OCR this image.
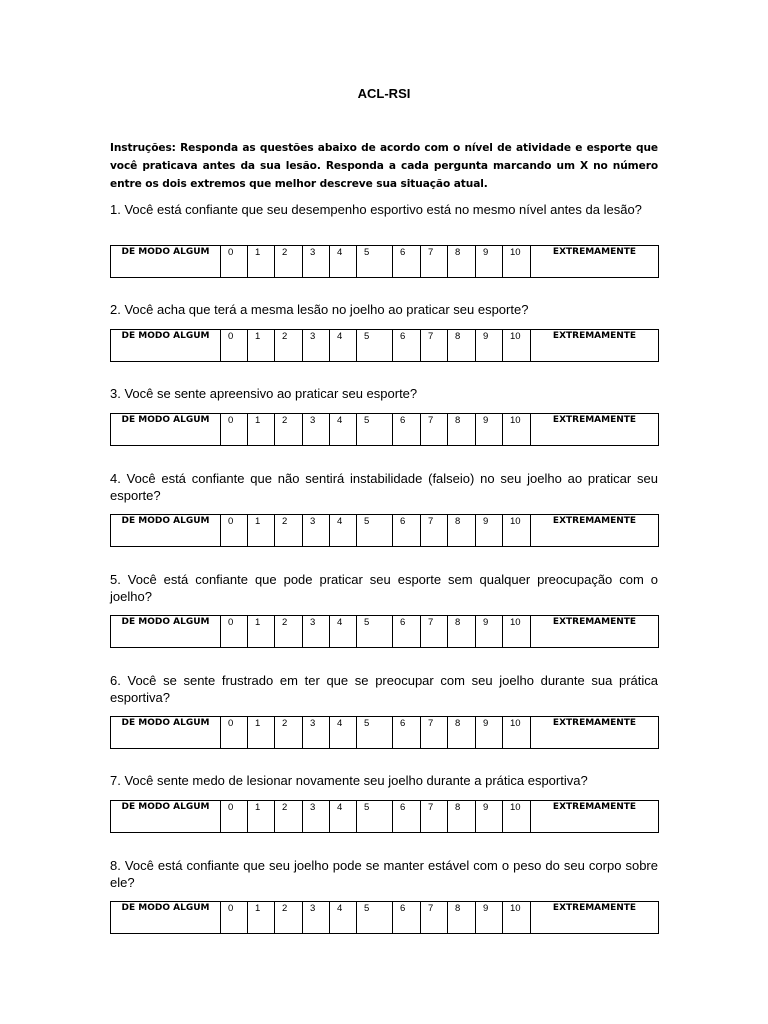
ACL-RSI
Instruções: Responda as questões abaixo de acordo com o nível de atividade e esporte que você prati̇cava antes da sua lesão. Responda a cada pergunta marcando um X no número entre os dois extremos que melhor descreve sua situação atual.
1. Você está confiante que seu desempenho esportivo está no mesmo nível antes da lesão?
DE MODO ALGUM	0	1	2	3	4	5	6	7	8	9	10	EXTREMAMENTE
2. Você acha que terá a mesma lesão no joelho ao praticar seu esporte?
DE MODO ALGUM	0	1	2	3	4	5	6	7	8	9	10	EXTREMAMENTE
3. Você se sente apreensivo ao praticar seu esporte?
DE MODO ALGUM	0	1	2	3	4	5	6	7	8	9	10	EXTREMAMENTE
4. Você está confiante que não sentirá instabilidade (falseio) no seu joelho ao praticar seu esporte?
DE MODO ALGUM	0	1	2	3	4	5	6	7	8	9	10	EXTREMAMENTE
5. Você está confiante que pode praticar seu esporte sem qualquer preocupação com o joelho?
DE MODO ALGUM	0	1	2	3	4	5	6	7	8	9	10	EXTREMAMENTE
6. Você se sente frustrado em ter que se preocupar com seu joelho durante sua prática esportiva?
DE MODO ALGUM	0	1	2	3	4	5	6	7	8	9	10	EXTREMAMENTE
7. Você sente medo de lesionar novamente seu joelho durante a prática esportiva?
DE MODO ALGUM	0	1	2	3	4	5	6	7	8	9	10	EXTREMAMENTE
8. Você está confiante que seu joelho pode se manter estável com o peso do seu corpo sobre ele?
DE MODO ALGUM	0	1	2	3	4	5	6	7	8	9	10	EXTREMAMENTE
